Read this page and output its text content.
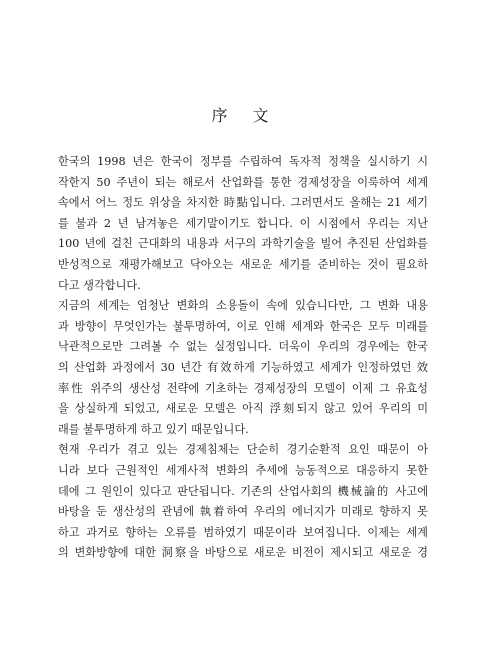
序 文
한국의 1998 년은 한국이 정부를 수립하여 독자적 정책을 실시하기 시
작한지 50 주년이 되는 해로서 산업화를 통한 경제성장을 이룩하여 세계
속에서 어느 정도 위상을 차지한 時點입니다. 그러면서도 올해는 21 세기
를 불과 2 년 남겨놓은 세기말이기도 합니다. 이 시점에서 우리는 지난
100 년에 걸친 근대화의 내용과 서구의 과학기술을 빌어 추진된 산업화를
반성적으로 재평가해보고 닥아오는 새로운 세기를 준비하는 것이 필요하
다고 생각합니다.
지금의 세계는 엄청난 변화의 소용돌이 속에 있습니다만, 그 변화 내용
과 방향이 무엇인가는 불투명하여, 이로 인해 세계와 한국은 모두 미래를
낙관적으로만 그려볼 수 없는 실정입니다. 더욱이 우리의 경우에는 한국
의 산업화 과정에서 30 년간 有效하게 기능하였고 세계가 인정하였던 效
率性 위주의 생산성 전략에 기초하는 경제성장의 모델이 이제 그 유효성
을 상실하게 되었고, 새로운 모델은 아직 浮刻되지 않고 있어 우리의 미
래를 불투명하게 하고 있기 때문입니다.
현재 우리가 겪고 있는 경제침체는 단순히 경기순환적 요인 때문이 아
니라 보다 근원적인 세계사적 변화의 추세에 능동적으로 대응하지 못한
데에 그 원인이 있다고 판단됩니다. 기존의 산업사회의 機械論的 사고에
바탕을 둔 생산성의 관념에 執着하여 우리의 에너지가 미래로 향하지 못
하고 과거로 향하는 오류를 범하였기 때문이라 보여집니다. 이제는 세계
의 변화방향에 대한 洞察을 바탕으로 새로운 비전이 제시되고 새로운 경
